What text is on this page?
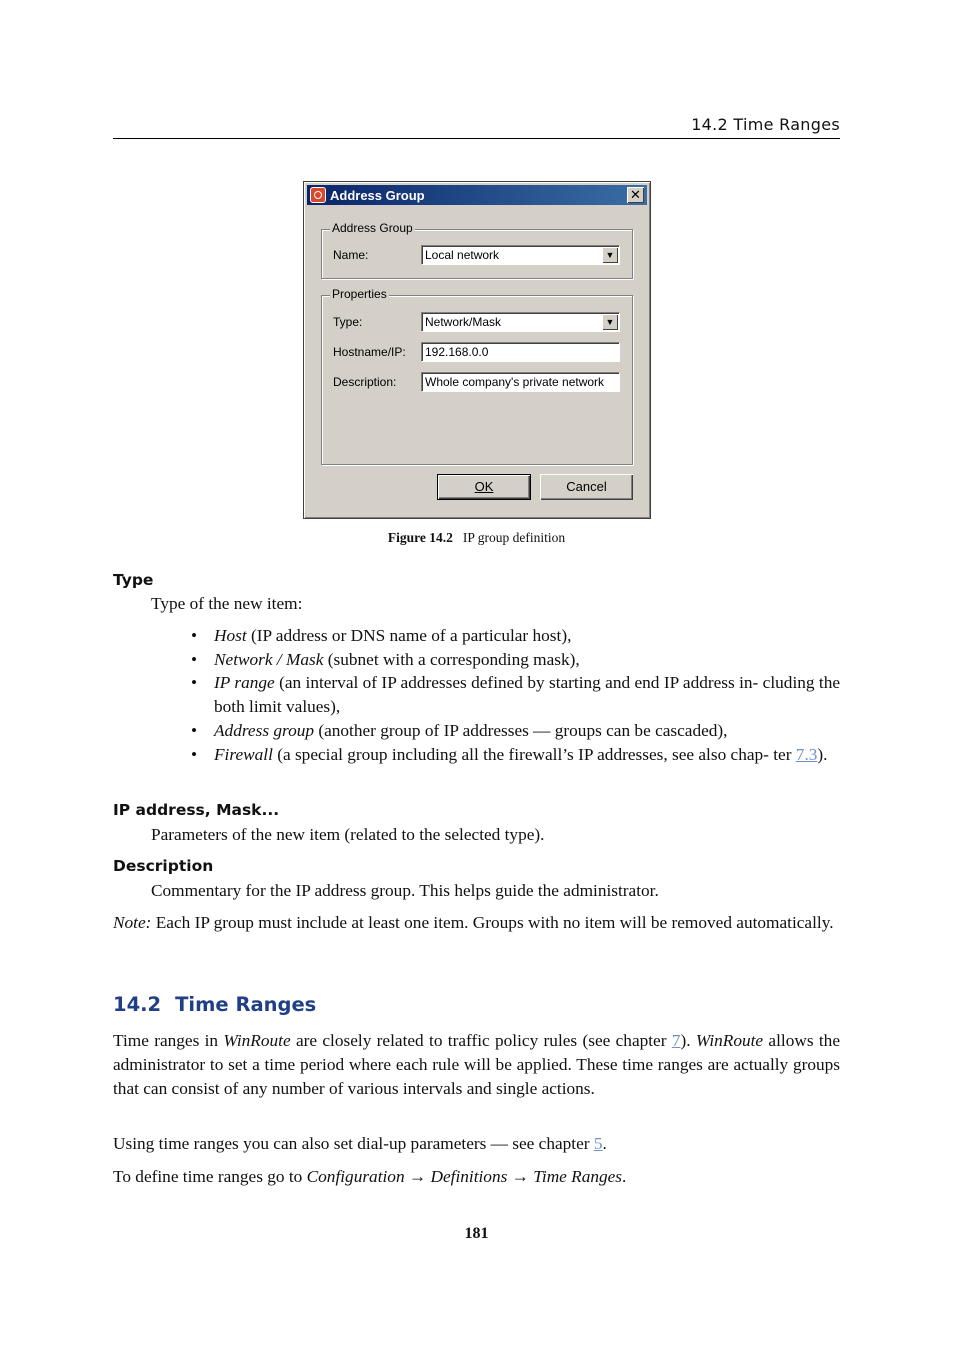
14.2 Time Ranges
Address Group	✕
Address Group
Name:	Local network	▼
Properties
Type:	Network/Mask	▼
Hostname/IP:	192.168.0.0
Description:	Whole company's private network
OK	Cancel
Figure 14.2 IP group definition
Type
Type of the new item:
• Host (IP address or DNS name of a particular host),
• Network / Mask (subnet with a corresponding mask),
• IP range (an interval of IP addresses defined by starting and end IP address in- cluding the both limit values),
• Address group (another group of IP addresses — groups can be cascaded),
• Firewall (a special group including all the firewall’s IP addresses, see also chap- ter 7.3).
IP address, Mask...
Parameters of the new item (related to the selected type).
Description
Commentary for the IP address group. This helps guide the administrator.
Note: Each IP group must include at least one item. Groups with no item will be removed automatically.
14.2 Time Ranges
Time ranges in WinRoute are closely related to traffic policy rules (see chapter 7). WinRoute allows the administrator to set a time period where each rule will be applied. These time ranges are actually groups that can consist of any number of various intervals and single actions.
Using time ranges you can also set dial-up parameters — see chapter 5.
To define time ranges go to Configuration → Definitions → Time Ranges.
181
